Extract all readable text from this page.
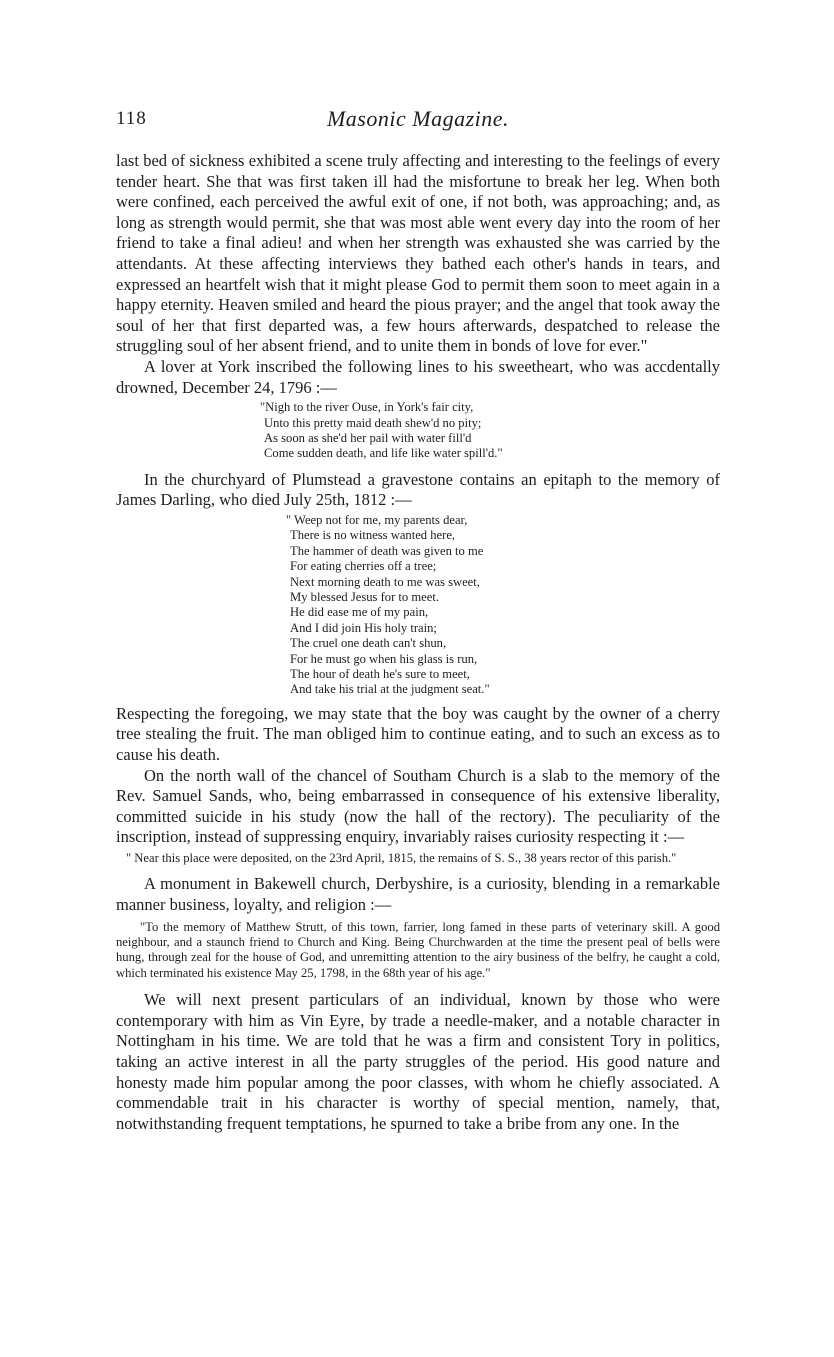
118	Masonic Magazine.

last bed of sickness exhibited a scene truly affecting and interesting to the feelings of every tender heart. She that was first taken ill had the misfortune to break her leg. When both were confined, each perceived the awful exit of one, if not both, was approaching; and, as long as strength would permit, she that was most able went every day into the room of her friend to take a final adieu! and when her strength was exhausted she was carried by the attendants. At these affecting interviews they bathed each other's hands in tears, and expressed an heartfelt wish that it might please God to permit them soon to meet again in a happy eternity. Heaven smiled and heard the pious prayer; and the angel that took away the soul of her that first departed was, a few hours afterwards, despatched to release the struggling soul of her absent friend, and to unite them in bonds of love for ever."

A lover at York inscribed the following lines to his sweetheart, who was accdentally drowned, December 24, 1796 :—

"Nigh to the river Ouse, in York's fair city,
Unto this pretty maid death shew'd no pity;
As soon as she'd her pail with water fill'd
Come sudden death, and life like water spill'd."

In the churchyard of Plumstead a gravestone contains an epitaph to the memory of James Darling, who died July 25th, 1812 :—

" Weep not for me, my parents dear,
There is no witness wanted here,
The hammer of death was given to me
For eating cherries off a tree;
Next morning death to me was sweet,
My blessed Jesus for to meet.
He did ease me of my pain,
And I did join His holy train;
The cruel one death can't shun,
For he must go when his glass is run,
The hour of death he's sure to meet,
And take his trial at the judgment seat."

Respecting the foregoing, we may state that the boy was caught by the owner of a cherry tree stealing the fruit. The man obliged him to continue eating, and to such an excess as to cause his death.

On the north wall of the chancel of Southam Church is a slab to the memory of the Rev. Samuel Sands, who, being embarrassed in consequence of his extensive liberality, committed suicide in his study (now the hall of the rectory). The peculiarity of the inscription, instead of suppressing enquiry, invariably raises curiosity respecting it :—

" Near this place were deposited, on the 23rd April, 1815, the remains of S. S., 38 years rector of this parish."

A monument in Bakewell church, Derbyshire, is a curiosity, blending in a remarkable manner business, loyalty, and religion :—

"To the memory of Matthew Strutt, of this town, farrier, long famed in these parts of veterinary skill. A good neighbour, and a staunch friend to Church and King. Being Churchwarden at the time the present peal of bells were hung, through zeal for the house of God, and unremitting attention to the airy business of the belfry, he caught a cold, which terminated his existence May 25, 1798, in the 68th year of his age."

We will next present particulars of an individual, known by those who were contemporary with him as Vin Eyre, by trade a needle-maker, and a notable character in Nottingham in his time. We are told that he was a firm and consistent Tory in politics, taking an active interest in all the party struggles of the period. His good nature and honesty made him popular among the poor classes, with whom he chiefly associated. A commendable trait in his character is worthy of special mention, namely, that, notwithstanding frequent temptations, he spurned to take a bribe from any one. In the
